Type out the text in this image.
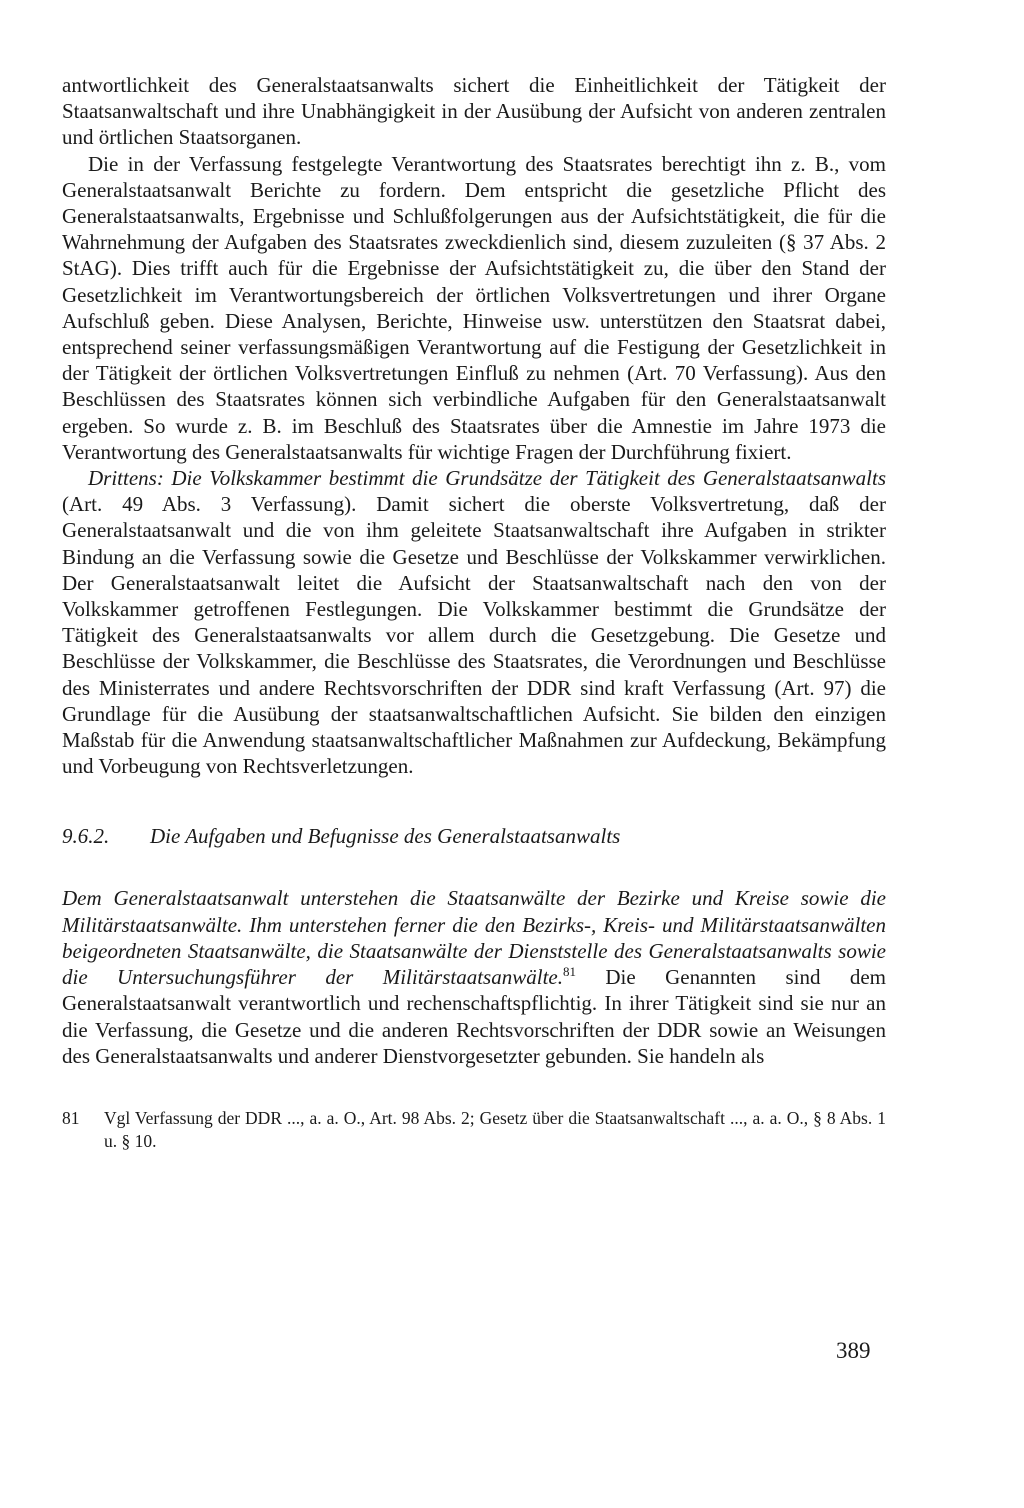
antwortlichkeit des Generalstaatsanwalts sichert die Einheitlichkeit der Tätigkeit der Staatsanwaltschaft und ihre Unabhängigkeit in der Ausübung der Aufsicht von anderen zentralen und örtlichen Staatsorganen.

Die in der Verfassung festgelegte Verantwortung des Staatsrates berechtigt ihn z. B., vom Generalstaatsanwalt Berichte zu fordern. Dem entspricht die gesetzliche Pflicht des Generalstaatsanwalts, Ergebnisse und Schlußfolgerungen aus der Aufsichtstätigkeit, die für die Wahrnehmung der Aufgaben des Staatsrates zweckdienlich sind, diesem zuzuleiten (§ 37 Abs. 2 StAG). Dies trifft auch für die Ergebnisse der Aufsichtstätigkeit zu, die über den Stand der Gesetzlichkeit im Verantwortungsbereich der örtlichen Volksvertretungen und ihrer Organe Aufschluß geben. Diese Analysen, Berichte, Hinweise usw. unterstützen den Staatsrat dabei, entsprechend seiner verfassungsmäßigen Verantwortung auf die Festigung der Gesetzlichkeit in der Tätigkeit der örtlichen Volksvertretungen Einfluß zu nehmen (Art. 70 Verfassung). Aus den Beschlüssen des Staatsrates können sich verbindliche Aufgaben für den Generalstaatsanwalt ergeben. So wurde z. B. im Beschluß des Staatsrates über die Amnestie im Jahre 1973 die Verantwortung des Generalstaatsanwalts für wichtige Fragen der Durchführung fixiert.

Drittens: Die Volkskammer bestimmt die Grundsätze der Tätigkeit des Generalstaatsanwalts (Art. 49 Abs. 3 Verfassung). Damit sichert die oberste Volksvertretung, daß der Generalstaatsanwalt und die von ihm geleitete Staatsanwaltschaft ihre Aufgaben in strikter Bindung an die Verfassung sowie die Gesetze und Beschlüsse der Volkskammer verwirklichen. Der Generalstaatsanwalt leitet die Aufsicht der Staatsanwaltschaft nach den von der Volkskammer getroffenen Festlegungen. Die Volkskammer bestimmt die Grundsätze der Tätigkeit des Generalstaatsanwalts vor allem durch die Gesetzgebung. Die Gesetze und Beschlüsse der Volkskammer, die Beschlüsse des Staatsrates, die Verordnungen und Beschlüsse des Ministerrates und andere Rechtsvorschriften der DDR sind kraft Verfassung (Art. 97) die Grundlage für die Ausübung der staatsanwaltschaftlichen Aufsicht. Sie bilden den einzigen Maßstab für die Anwendung staatsanwaltschaftlicher Maßnahmen zur Aufdeckung, Bekämpfung und Vorbeugung von Rechtsverletzungen.

9.6.2.	Die Aufgaben und Befugnisse des Generalstaatsanwalts

Dem Generalstaatsanwalt unterstehen die Staatsanwälte der Bezirke und Kreise sowie die Militärstaatsanwälte. Ihm unterstehen ferner die den Bezirks-, Kreis- und Militärstaatsanwälten beigeordneten Staatsanwälte, die Staatsanwälte der Dienststelle des Generalstaatsanwalts sowie die Untersuchungsführer der Militärstaatsanwälte.$^{81}$ Die Genannten sind dem Generalstaatsanwalt verantwortlich und rechenschaftspflichtig. In ihrer Tätigkeit sind sie nur an die Verfassung, die Gesetze und die anderen Rechtsvorschriften der DDR sowie an Weisungen des Generalstaatsanwalts und anderer Dienstvorgesetzter gebunden. Sie handeln als

81	Vgl Verfassung der DDR ..., a. a. O., Art. 98 Abs. 2; Gesetz über die Staatsanwaltschaft ..., a. a. O., § 8 Abs. 1 u. § 10.
389
